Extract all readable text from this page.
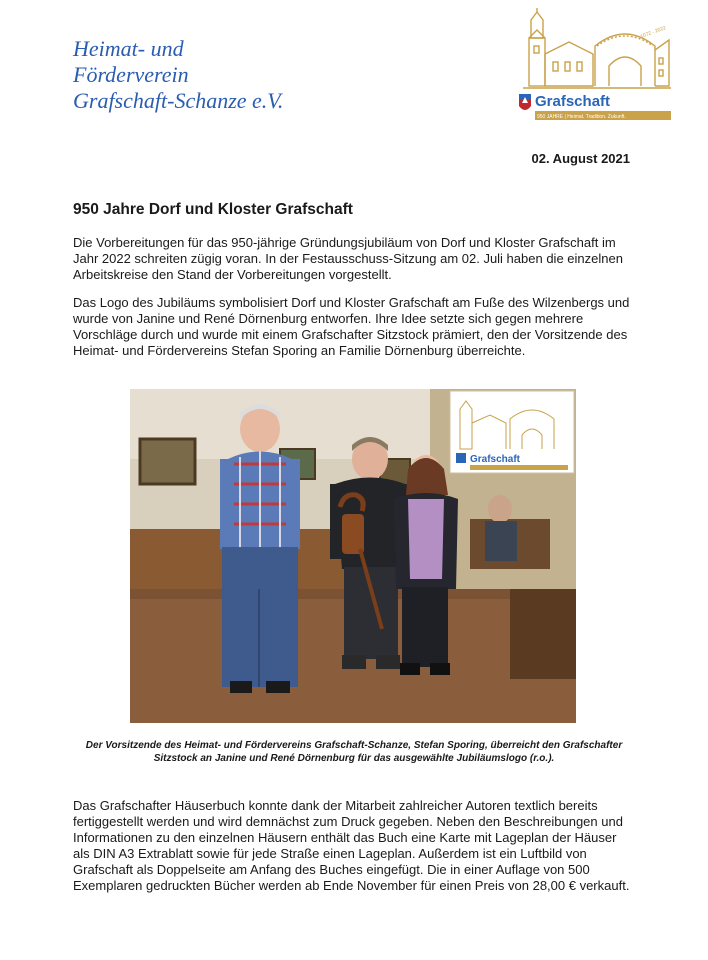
Heimat- und
Förderverein
Grafschaft-Schanze e.V.
1072 - 2022
Grafschaft
950 JAHRE | Heimat. Tradition. Zukunft.
02. August 2021
950 Jahre Dorf und Kloster Grafschaft
Die Vorbereitungen für das 950-jährige Gründungsjubiläum von Dorf und Kloster Grafschaft im Jahr 2022 schreiten zügig voran. In der Festausschuss-Sitzung am 02. Juli haben die einzelnen Arbeitskreise den Stand der Vorbereitungen vorgestellt.
Das Logo des Jubiläums symbolisiert Dorf und Kloster Grafschaft am Fuße des Wilzenbergs und wurde von Janine und René Dörnenburg entworfen. Ihre Idee setzte sich gegen mehrere Vorschläge durch und wurde mit einem Grafschafter Sitzstock prämiert, den der Vorsitzende des Heimat- und Fördervereins Stefan Sporing an Familie Dörnenburg überreichte.
Grafschaft
Der Vorsitzende des Heimat- und Fördervereins Grafschaft-Schanze, Stefan Sporing, überreicht den Grafschafter Sitzstock an Janine und René Dörnenburg für das ausgewählte Jubiläumslogo (r.o.).
Das Grafschafter Häuserbuch konnte dank der Mitarbeit zahlreicher Autoren textlich bereits fertiggestellt werden und wird demnächst zum Druck gegeben. Neben den Beschreibungen und Informationen zu den einzelnen Häusern enthält das Buch eine Karte mit Lageplan der Häuser als DIN A3 Extrablatt sowie für jede Straße einen Lageplan. Außerdem ist ein Luftbild von Grafschaft als Doppelseite am Anfang des Buches eingefügt. Die in einer Auflage von 500 Exemplaren gedruckten Bücher werden ab Ende November für einen Preis von 28,00 € verkauft.
